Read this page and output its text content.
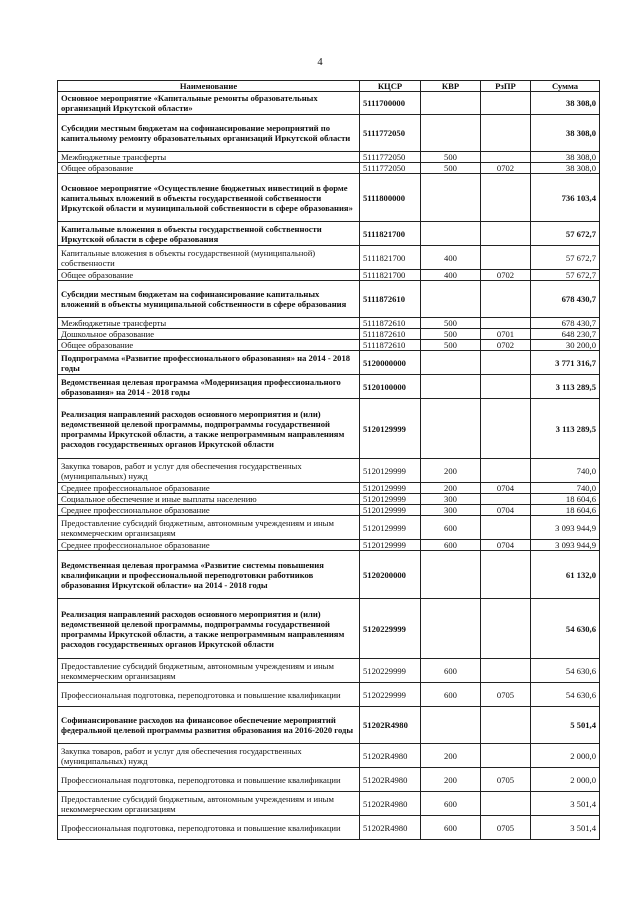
4
Наименование	КЦСР	КВР	РзПР	Сумма
Основное мероприятие «Капитальные ремонты образовательных организаций Иркутской области»	5111700000			38 308,0
Субсидии местным бюджетам на софинансирование мероприятий по капитальному ремонту образовательных организаций Иркутской области	5111772050			38 308,0
Межбюджетные трансферты	5111772050	500		38 308,0
Общее образование	5111772050	500	0702	38 308,0
Основное мероприятие «Осуществление бюджетных инвестиций в форме капитальных вложений в объекты государственной собственности Иркутской области и муниципальной собственности в сфере образования»	5111800000			736 103,4
Капитальные вложения в объекты государственной собственности Иркутской области в сфере образования	5111821700			57 672,7
Капитальные вложения в объекты государственной (муниципальной) собственности	5111821700	400		57 672,7
Общее образование	5111821700	400	0702	57 672,7
Субсидии местным бюджетам на софинансирование капитальных вложений в объекты муниципальной собственности в сфере образования	5111872610			678 430,7
Межбюджетные трансферты	5111872610	500		678 430,7
Дошкольное образование	5111872610	500	0701	648 230,7
Общее образование	5111872610	500	0702	30 200,0
Подпрограмма «Развитие профессионального образования» на 2014 - 2018 годы	5120000000			3 771 316,7
Ведомственная целевая программа «Модернизация профессионального образования» на 2014 - 2018 годы	5120100000			3 113 289,5
Реализация направлений расходов основного мероприятия и (или) ведомственной целевой программы, подпрограммы государственной программы Иркутской области, а также непрограммным направлениям расходов государственных органов Иркутской области	5120129999			3 113 289,5
Закупка товаров, работ и услуг для обеспечения государственных (муниципальных) нужд	5120129999	200		740,0
Среднее профессиональное образование	5120129999	200	0704	740,0
Социальное обеспечение и иные выплаты населению	5120129999	300		18 604,6
Среднее профессиональное образование	5120129999	300	0704	18 604,6
Предоставление субсидий бюджетным, автономным учреждениям и иным некоммерческим организациям	5120129999	600		3 093 944,9
Среднее профессиональное образование	5120129999	600	0704	3 093 944,9
Ведомственная целевая программа «Развитие системы повышения квалификации и профессиональной переподготовки работников образования Иркутской области» на 2014 - 2018 годы	5120200000			61 132,0
Реализация направлений расходов основного мероприятия и (или) ведомственной целевой программы, подпрограммы государственной программы Иркутской области, а также непрограммным направлениям расходов государственных органов Иркутской области	5120229999			54 630,6
Предоставление субсидий бюджетным, автономным учреждениям и иным некоммерческим организациям	5120229999	600		54 630,6
Профессиональная подготовка, переподготовка и повышение квалификации	5120229999	600	0705	54 630,6
Софинансирование расходов на финансовое обеспечение мероприятий федеральной целевой программы развития образования на 2016-2020 годы	51202R4980			5 501,4
Закупка товаров, работ и услуг для обеспечения государственных (муниципальных) нужд	51202R4980	200		2 000,0
Профессиональная подготовка, переподготовка и повышение квалификации	51202R4980	200	0705	2 000,0
Предоставление субсидий бюджетным, автономным учреждениям и иным некоммерческим организациям	51202R4980	600		3 501,4
Профессиональная подготовка, переподготовка и повышение квалификации	51202R4980	600	0705	3 501,4
